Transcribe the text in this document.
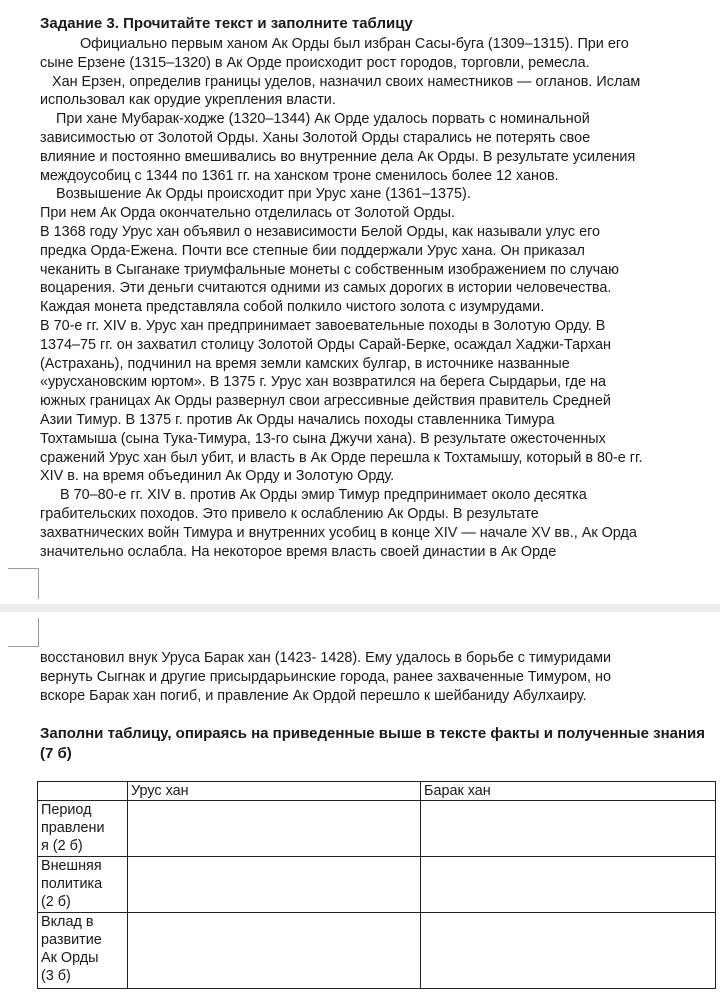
Задание 3. Прочитайте текст и заполните таблицу
Официально первым ханом Ак Орды был избран Сасы-буга (1309–1315). При его
сыне Ерзене (1315–1320) в Ак Орде происходит рост городов, торговли, ремесла.
Хан Ерзен, определив границы уделов, назначил своих наместников — огланов. Ислам
использовал как орудие укрепления власти.
При хане Мубарак-ходже (1320–1344) Ак Орде удалось порвать с номинальной
зависимостью от Золотой Орды. Ханы Золотой Орды старались не потерять свое
влияние и постоянно вмешивались во внутренние дела Ак Орды. В результате усиления
междоусобиц с 1344 по 1361 гг. на ханском троне сменилось более 12 ханов.
Возвышение Ак Орды происходит при Урус хане (1361–1375).
При нем Ак Орда окончательно отделилась от Золотой Орды.
В 1368 году Урус хан объявил о независимости Белой Орды, как называли улус его
предка Орда-Ежена. Почти все степные бии поддержали Урус хана. Он приказал
чеканить в Сыганаке триумфальные монеты с собственным изображением по случаю
воцарения. Эти деньги считаются одними из самых дорогих в истории человечества.
Каждая монета представляла собой полкило чистого золота с изумрудами.
В 70-е гг. XIV в. Урус хан предпринимает завоевательные походы в Золотую Орду. В
1374–75 гг. он захватил столицу Золотой Орды Сарай-Берке, осаждал Хаджи-Тархан
(Астрахань), подчинил на время земли камских булгар, в источнике названные
«урусхановским юртом». В 1375 г. Урус хан возвратился на берега Сырдарьи, где на
южных границах Ак Орды развернул свои агрессивные действия правитель Средней
Азии Тимур. В 1375 г. против Ак Орды начались походы ставленника Тимура
Тохтамыша (сына Тука-Тимура, 13-го сына Джучи хана). В результате ожесточенных
сражений Урус хан был убит, и власть в Ак Орде перешла к Тохтамышу, который в 80-е гг.
XIV в. на время объединил Ак Орду и Золотую Орду.
В 70–80-е гг. XIV в. против Ак Орды эмир Тимур предпринимает около десятка
грабительских походов. Это привело к ослаблению Ак Орды. В результате
захватнических войн Тимура и внутренних усобиц в конце XIV — начале XV вв., Ак Орда
значительно ослабла. На некоторое время власть своей династии в Ак Орде
восстановил внук Уруса Барак хан (1423- 1428). Ему удалось в борьбе с тимуридами
вернуть Сыгнак и другие присырдарьинские города, ранее захваченные Тимуром, но
вскоре Барак хан погиб, и правление Ак Ордой перешло к шейбаниду Абулхаиру.
Заполни таблицу, опираясь на приведенные выше в тексте факты и полученные знания
(7 б)
	Урус хан	Барак хан

Период
правлени
я (2 б)		

Внешняя
политика
(2 б)		

Вклад в
развитие
Ак Орды
(3 б)		
